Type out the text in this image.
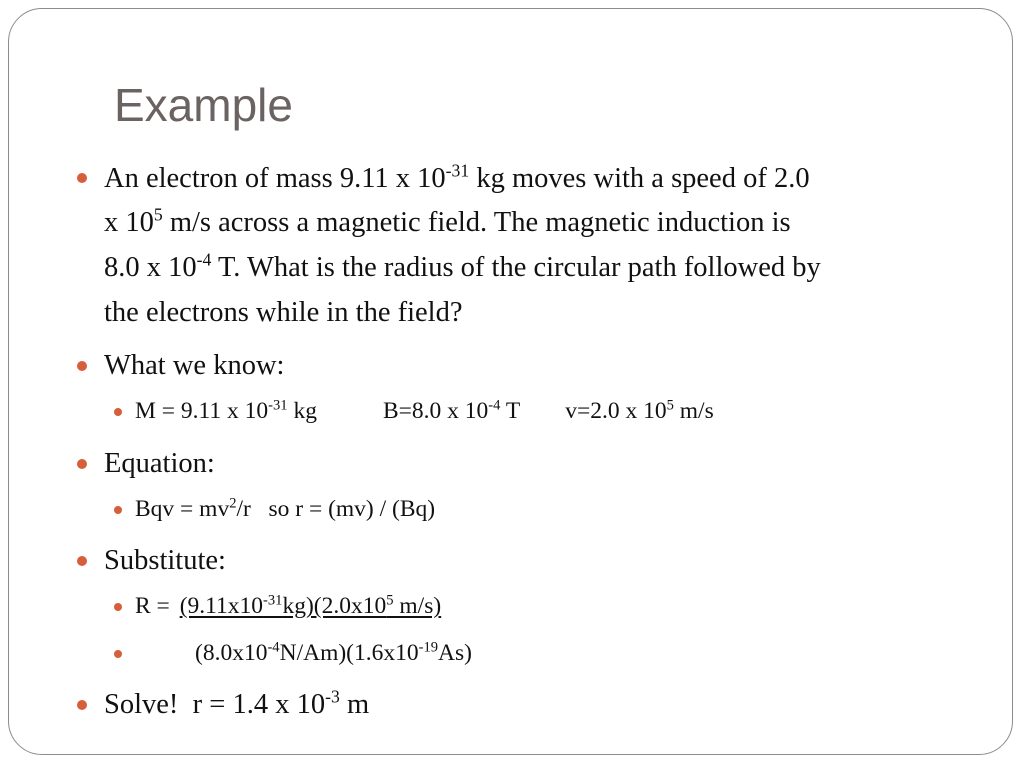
Example
An electron of mass 9.11 x $10^{-31}$ kg moves with a speed of 2.0
x $10^5$ m/s across a magnetic field. The magnetic induction is
8.0 x $10^{-4}$ T. What is the radius of the circular path followed by
the electrons while in the field?
What we know:
M = 9.11 x $10^{-31}$ kg	B=8.0 x $10^{-4}$ T v=2.0 x $10^5$ m/s
Equation:
Bqv = $mv^2/r$   so r = (mv) / (Bq)
Substitute:
$R = (9.11x10^{-31}kg)(2.0x10^5$ m/s)
$(8.0x10^{-4}N/Am)(1.6x10^{-19}As)$
Solve!  r = 1.4 x $10^{-3}$ m
